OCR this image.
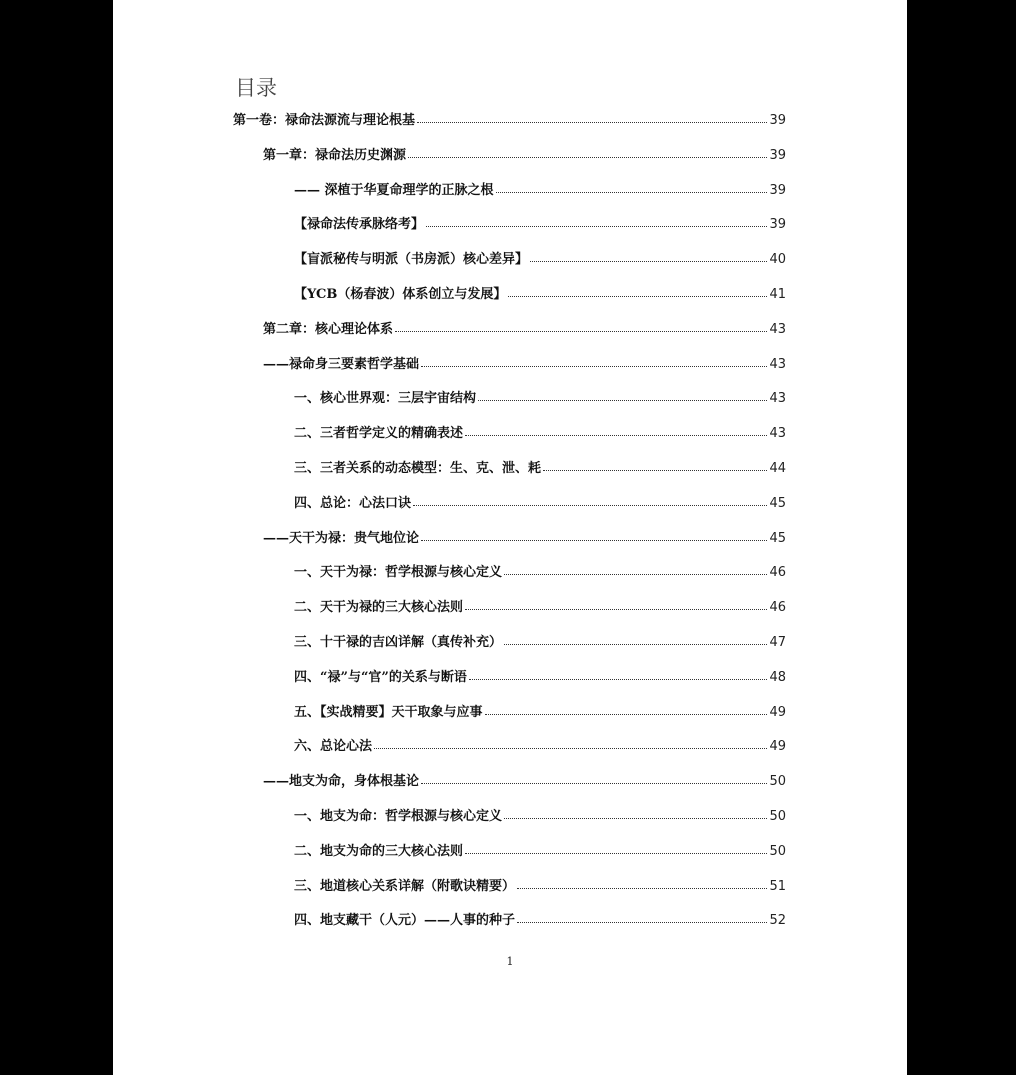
目录
第一卷：禄命法源流与理论根基	39
第一章：禄命法历史渊源	39
—— 深植于华夏命理学的正脉之根	39
【禄命法传承脉络考】	39
【盲派秘传与明派（书房派）核心差异】	40
【YCB（杨春波）体系创立与发展】	41
第二章：核心理论体系	43
——禄命身三要素哲学基础	43
一、核心世界观：三层宇宙结构	43
二、三者哲学定义的精确表述	43
三、三者关系的动态模型：生、克、泄、耗	44
四、总论：心法口诀	45
——天干为禄：贵气地位论	45
一、天干为禄：哲学根源与核心定义	46
二、天干为禄的三大核心法则	46
三、十干禄的吉凶详解（真传补充）	47
四、“禄”与“官”的关系与断语	48
五、【实战精要】天干取象与应事	49
六、总论心法	49
——地支为命，身体根基论	50
一、地支为命：哲学根源与核心定义	50
二、地支为命的三大核心法则	50
三、地道核心关系详解（附歌诀精要）	51
四、地支藏干（人元）——人事的种子	52
1
